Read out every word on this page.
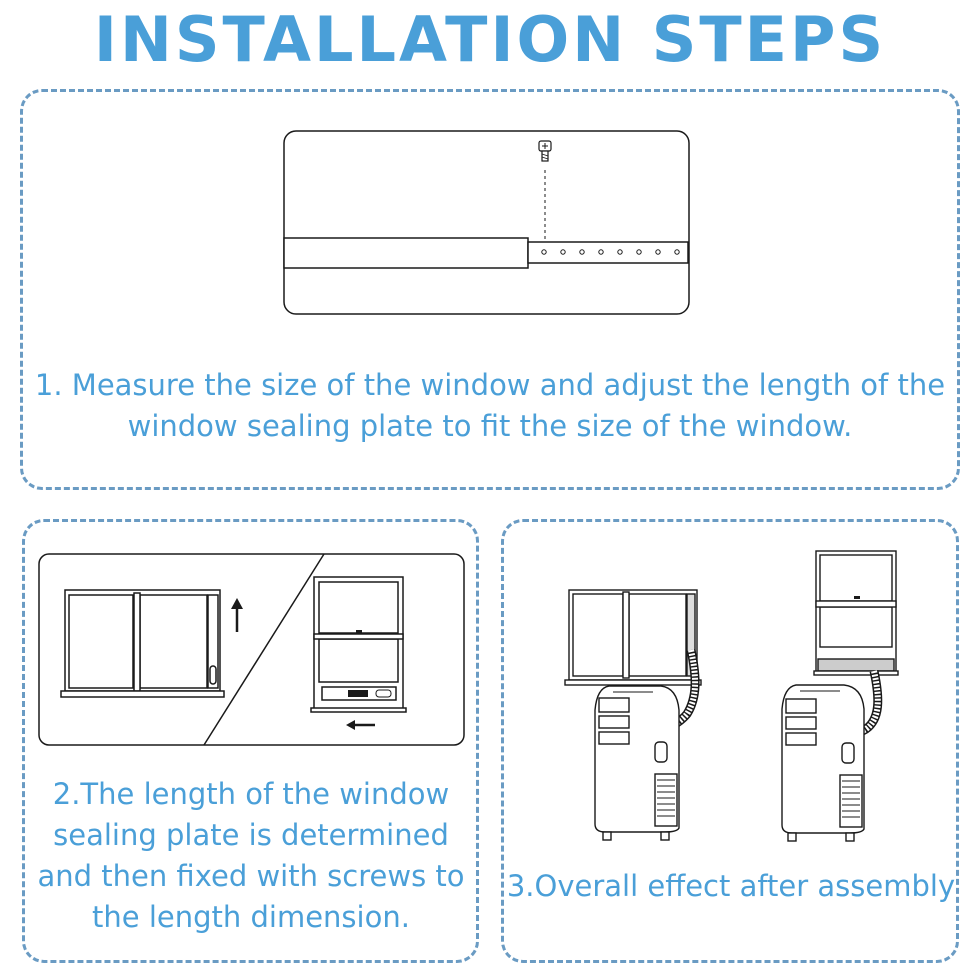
INSTALLATION STEPS

1. Measure the size of the window and adjust the length of the window sealing plate to fit the size of the window.

2.The length of the window sealing plate is determined and then fixed with screws to the length dimension.

3.Overall effect after assembly
